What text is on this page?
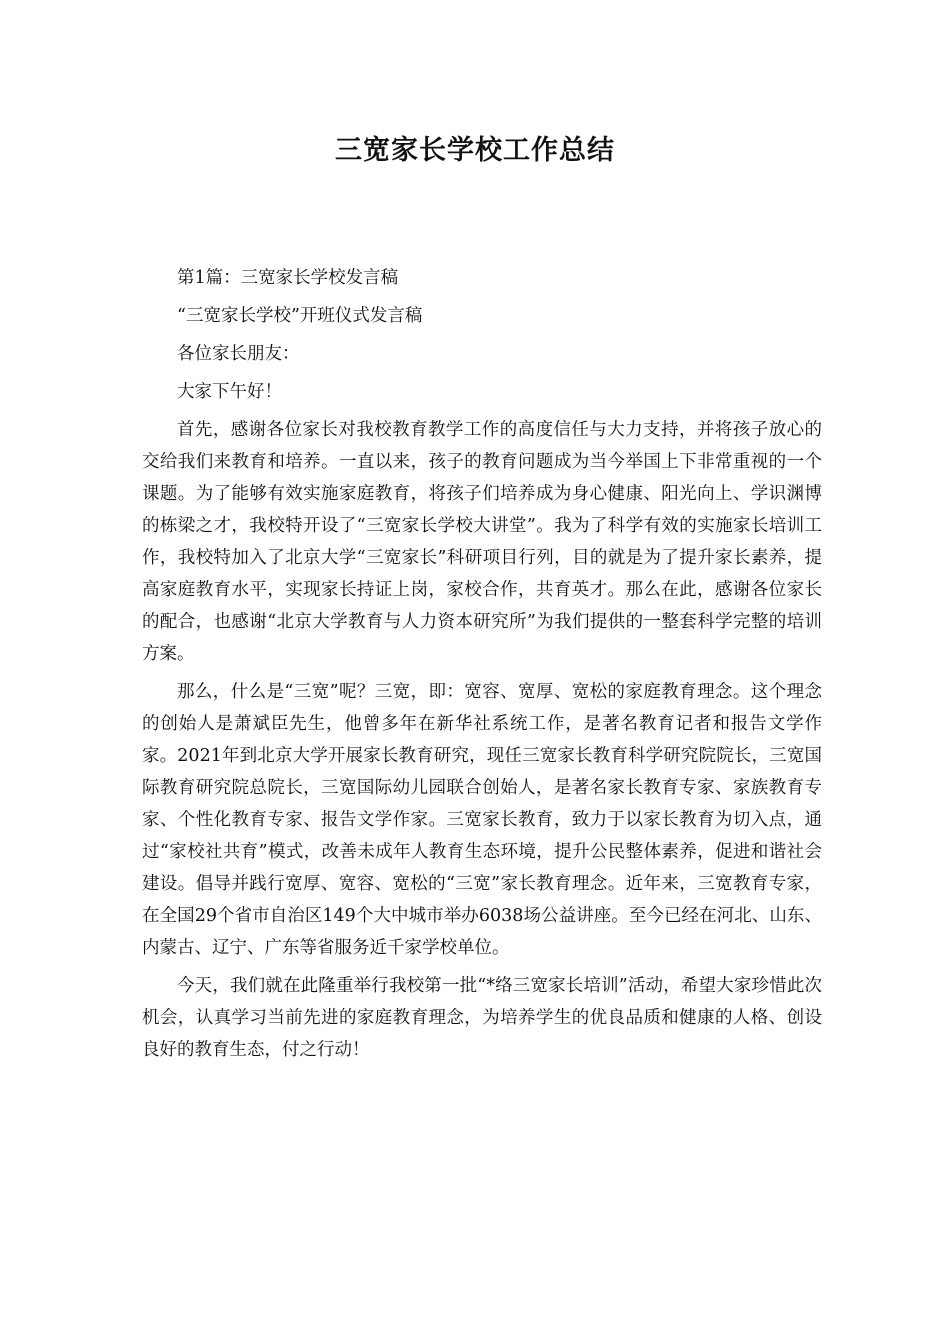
三宽家长学校工作总结

第1篇：三宽家长学校发言稿

“三宽家长学校”开班仪式发言稿

各位家长朋友：

大家下午好！

首先，感谢各位家长对我校教育教学工作的高度信任与大力支持，并将孩子放心的交给我们来教育和培养。一直以来，孩子的教育问题成为当今举国上下非常重视的一个课题。为了能够有效实施家庭教育，将孩子们培养成为身心健康、阳光向上、学识渊博的栋梁之才，我校特开设了“三宽家长学校大讲堂”。我为了科学有效的实施家长培训工作，我校特加入了北京大学“三宽家长”科研项目行列，目的就是为了提升家长素养，提高家庭教育水平，实现家长持证上岗，家校合作，共育英才。那么在此，感谢各位家长的配合，也感谢“北京大学教育与人力资本研究所”为我们提供的一整套科学完整的培训方案。

那么，什么是“三宽”呢？三宽，即：宽容、宽厚、宽松的家庭教育理念。这个理念的创始人是萧斌臣先生，他曾多年在新华社系统工作，是著名教育记者和报告文学作家。2021年到北京大学开展家长教育研究，现任三宽家长教育科学研究院院长，三宽国际教育研究院总院长，三宽国际幼儿园联合创始人，是著名家长教育专家、家族教育专家、个性化教育专家、报告文学作家。三宽家长教育，致力于以家长教育为切入点，通过“家校社共育”模式，改善未成年人教育生态环境，提升公民整体素养，促进和谐社会建设。倡导并践行宽厚、宽容、宽松的“三宽”家长教育理念。近年来，三宽教育专家，在全国29个省市自治区149个大中城市举办6038场公益讲座。至今已经在河北、山东、内蒙古、辽宁、广东等省服务近千家学校单位。

今天，我们就在此隆重举行我校第一批“*络三宽家长培训”活动，希望大家珍惜此次机会，认真学习当前先进的家庭教育理念，为培养学生的优良品质和健康的人格、创设良好的教育生态，付之行动！
